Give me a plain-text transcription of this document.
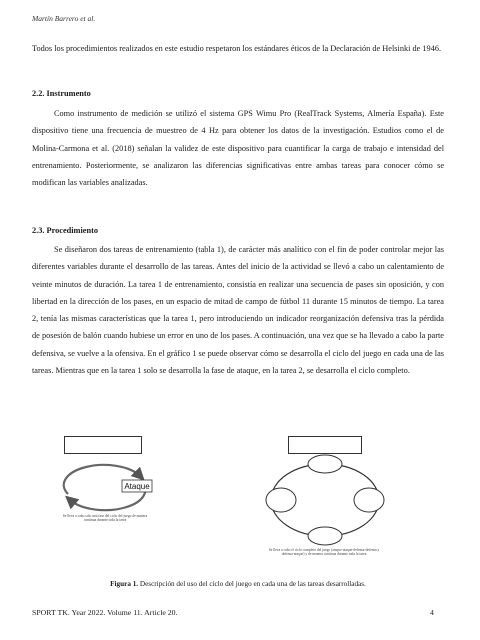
Martín Barrero et al.
Todos los procedimientos realizados en este estudio respetaron los estándares éticos de la Declaración de Helsinki de 1946.
2.2. Instrumento
Como instrumento de medición se utilizó el sistema GPS Wimu Pro (RealTrack Systems, Almería España). Este dispositivo tiene una frecuencia de muestreo de 4 Hz para obtener los datos de la investigación. Estudios como el de Molina-Carmona et al. (2018) señalan la validez de este dispositivo para cuantificar la carga de trabajo e intensidad del entrenamiento. Posteriormente, se analizaron las diferencias significativas entre ambas tareas para conocer cómo se modifican las variables analizadas.
2.3. Procedimiento
Se diseñaron dos tareas de entrenamiento (tabla 1), de carácter más analítico con el fin de poder controlar mejor las diferentes variables durante el desarrollo de las tareas. Antes del inicio de la actividad se llevó a cabo un calentamiento de veinte minutos de duración. La tarea 1 de entrenamiento, consistía en realizar una secuencia de pases sin oposición, y con libertad en la dirección de los pases, en un espacio de mitad de campo de fútbol 11 durante 15 minutos de tiempo. La tarea 2, tenía las mismas características que la tarea 1, pero introduciendo un indicador reorganización defensiva tras la pérdida de posesión de balón cuando hubiese un error en uno de los pases. A continuación, una vez que se ha llevado a cabo la parte defensiva, se vuelve a la ofensiva. En el gráfico 1 se puede observar cómo se desarrolla el ciclo del juego en cada una de las tareas. Mientras que en la tarea 1 solo se desarrolla la fase de ataque, en la tarea 2, se desarrolla el ciclo completo.
Ataque
Se lleva a cabo solo una fase del ciclo del juego de manera continua durante toda la tarea
Se lleva a cabo el ciclo completo del juego (ataque-ataque-defensa-defensa y defensa-ataque) y de manera continua durante toda la tarea
Figura 1. Descripción del uso del ciclo del juego en cada una de las tareas desarrolladas.
SPORT TK. Year 2022. Volume 11. Article 20.	4
